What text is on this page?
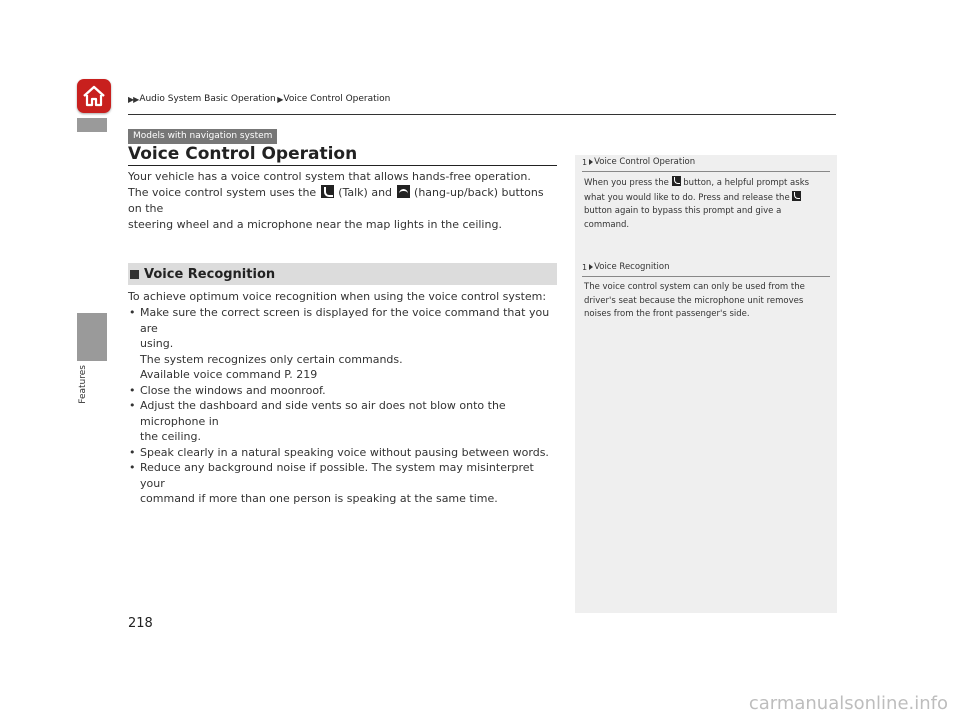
Features
▶▶ Audio System Basic Operation ▶ Voice Control Operation
Models with navigation system
Voice Control Operation
Your vehicle has a voice control system that allows hands-free operation.
The voice control system uses the  (Talk) and  (hang-up/back) buttons on the
steering wheel and a microphone near the map lights in the ceiling.
Voice Recognition
To achieve optimum voice recognition when using the voice control system:
• Make sure the correct screen is displayed for the voice command that you are
using.
The system recognizes only certain commands.
Available voice command P. 219
• Close the windows and moonroof.
• Adjust the dashboard and side vents so air does not blow onto the microphone in
the ceiling.
• Speak clearly in a natural speaking voice without pausing between words.
• Reduce any background noise if possible. The system may misinterpret your
command if more than one person is speaking at the same time.
1 Voice Control Operation
When you press the  button, a helpful prompt asks
what you would like to do. Press and release the
button again to bypass this prompt and give a
command.
1 Voice Recognition
The voice control system can only be used from the
driver's seat because the microphone unit removes
noises from the front passenger's side.
218
carmanualsonline.info
